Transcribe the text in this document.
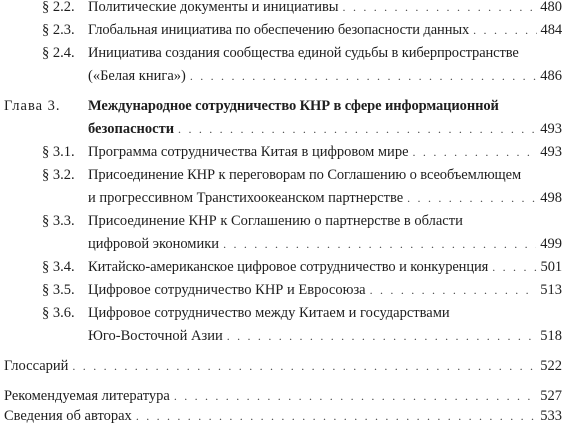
§ 2.2. Политические документы и инициативы . . .	480
§ 2.3. Глобальная инициатива по обеспечению безопасности данных . . .	484
§ 2.4. Инициатива создания сообщества единой судьбы в киберпространстве
(«Белая книга») . . .	486
Глава 3. Международное сотрудничество КНР в сфере информационной
безопасности . . .	493
§ 3.1. Программа сотрудничества Китая в цифровом мире . . .	493
§ 3.2. Присоединение КНР к переговорам по Соглашению о всеобъемлющем
и прогрессивном Транстихоокеанском партнерстве . . .	498
§ 3.3. Присоединение КНР к Соглашению о партнерстве в области
цифровой экономики . . .	499
§ 3.4. Китайско-американское цифровое сотрудничество и конкуренция . . .	501
§ 3.5. Цифровое сотрудничество КНР и Евросоюза . . .	513
§ 3.6. Цифровое сотрудничество между Китаем и государствами
Юго-Восточной Азии . . .	518
Глоссарий . . .	522
Рекомендуемая литература . . .	527
Сведения об авторах . . .	533
